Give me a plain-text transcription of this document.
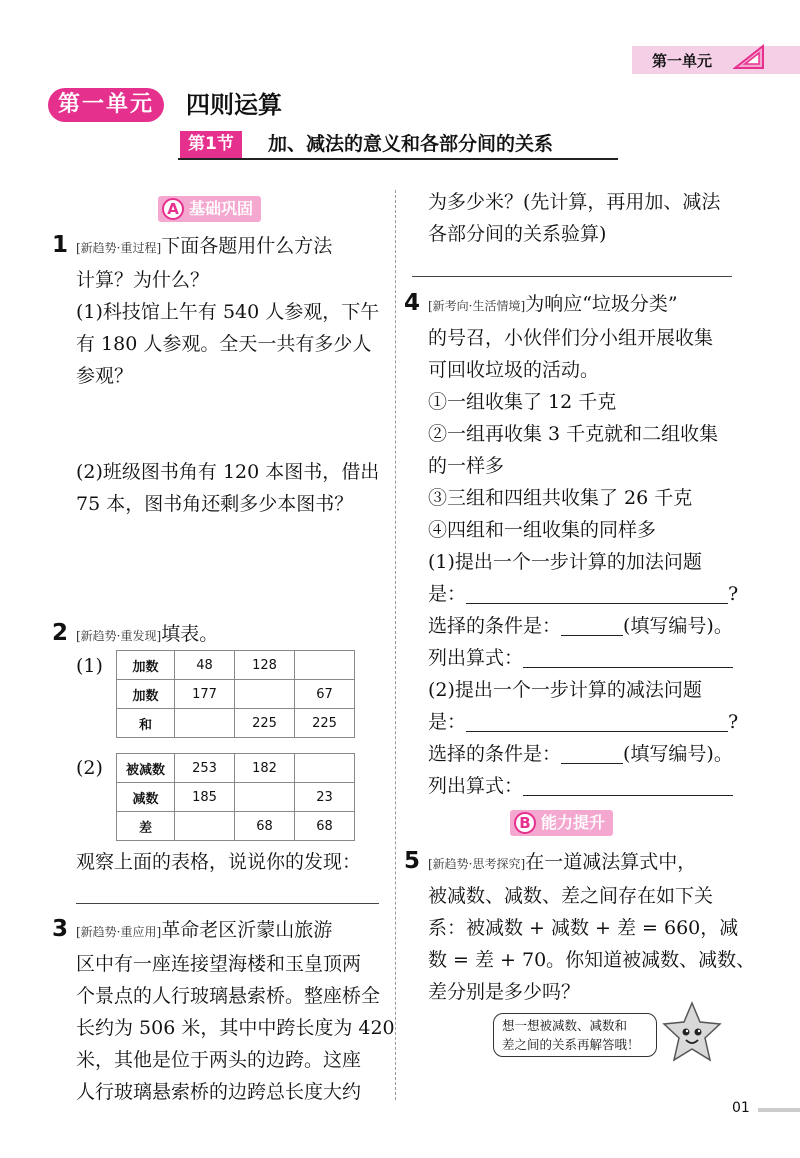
第一单元
第一单元	四则运算
第1节	加、减法的意义和各部分间的关系
A 基础巩固
1 [新趋势·重过程]下面各题用什么方法
计算？为什么？
(1)科技馆上午有 540 人参观，下午
有 180 人参观。全天一共有多少人
参观？
(2)班级图书角有 120 本图书，借出
75 本，图书角还剩多少本图书？
2 [新趋势·重发现]填表。
(1) 加数	48	128	
加数	177		67
和		225	225
(2) 被减数	253	182	
减数	185		23
差		68	68
观察上面的表格，说说你的发现：
3 [新趋势·重应用]革命老区沂蒙山旅游
区中有一座连接望海楼和玉皇顶两
个景点的人行玻璃悬索桥。整座桥全
长约为 506 米，其中中跨长度为 420
米，其他是位于两头的边跨。这座
人行玻璃悬索桥的边跨总长度大约
为多少米？(先计算，再用加、减法
各部分间的关系验算)
4 [新考向·生活情境]为响应“垃圾分类”
的号召，小伙伴们分小组开展收集
可回收垃圾的活动。
①一组收集了 12 千克
②一组再收集 3 千克就和二组收集
的一样多
③三组和四组共收集了 26 千克
④四组和一组收集的同样多
(1)提出一个一步计算的加法问题
是：	?
选择的条件是：	(填写编号)。
列出算式：
(2)提出一个一步计算的减法问题
是：	?
选择的条件是：	(填写编号)。
列出算式：
B 能力提升
5 [新趋势·思考探究]在一道减法算式中，
被减数、减数、差之间存在如下关
系：被减数 + 减数 + 差 = 660，减
数 = 差 + 70。你知道被减数、减数、
差分别是多少吗？
想一想被减数、减数和
差之间的关系再解答哦！
01
